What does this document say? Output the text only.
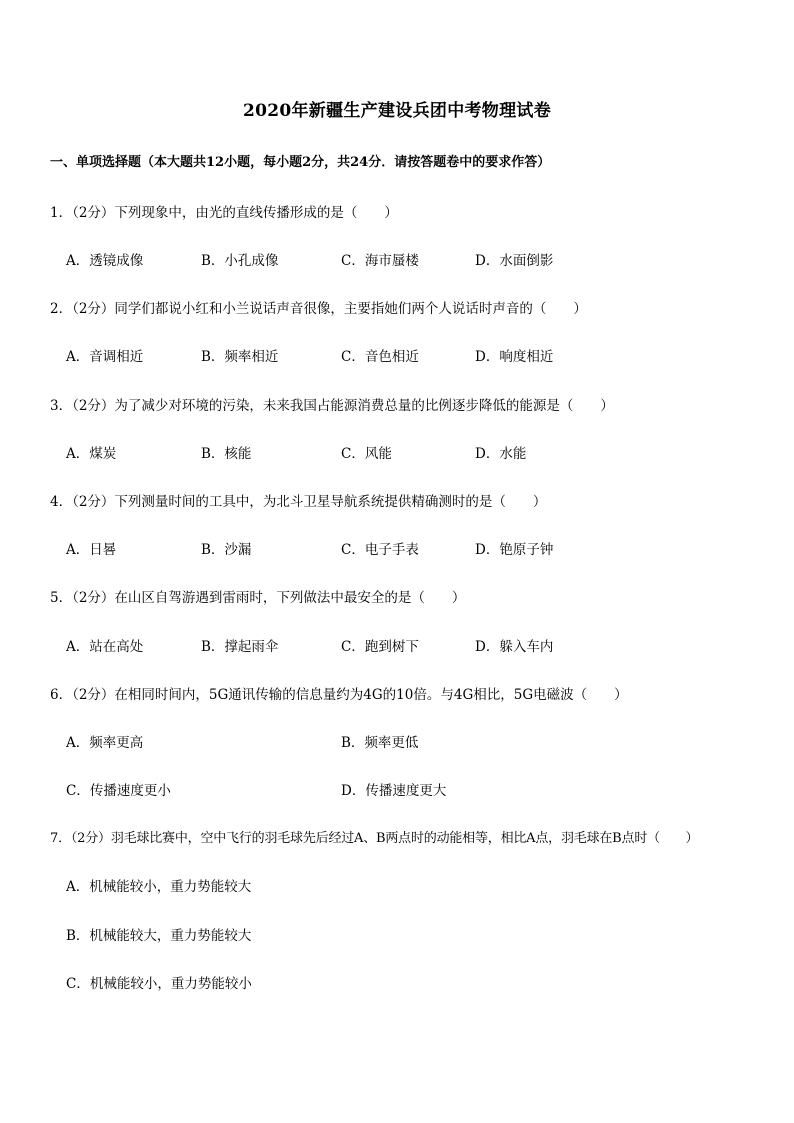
2020年新疆生产建设兵团中考物理试卷
一、单项选择题（本大题共12小题，每小题2分，共24分．请按答题卷中的要求作答）
1．（2分）下列现象中，由光的直线传播形成的是（　　）
A．透镜成像	B．小孔成像	C．海市蜃楼	D．水面倒影
2．（2分）同学们都说小红和小兰说话声音很像，主要指她们两个人说话时声音的（　　）
A．音调相近	B．频率相近	C．音色相近	D．响度相近
3．（2分）为了减少对环境的污染，未来我国占能源消费总量的比例逐步降低的能源是（　　）
A．煤炭	B．核能	C．风能	D．水能
4．（2分）下列测量时间的工具中，为北斗卫星导航系统提供精确测时的是（　　）
A．日晷	B．沙漏	C．电子手表	D．铯原子钟
5．（2分）在山区自驾游遇到雷雨时，下列做法中最安全的是（　　）
A．站在高处	B．撑起雨伞	C．跑到树下	D．躲入车内
6．（2分）在相同时间内，5G通讯传输的信息量约为4G的10倍。与4G相比，5G电磁波（　　）
A．频率更高	B．频率更低
C．传播速度更小	D．传播速度更大
7．（2分）羽毛球比赛中，空中飞行的羽毛球先后经过A、B两点时的动能相等，相比A点，羽毛球在B点时（　　）
A．机械能较小，重力势能较大
B．机械能较大，重力势能较大
C．机械能较小，重力势能较小
